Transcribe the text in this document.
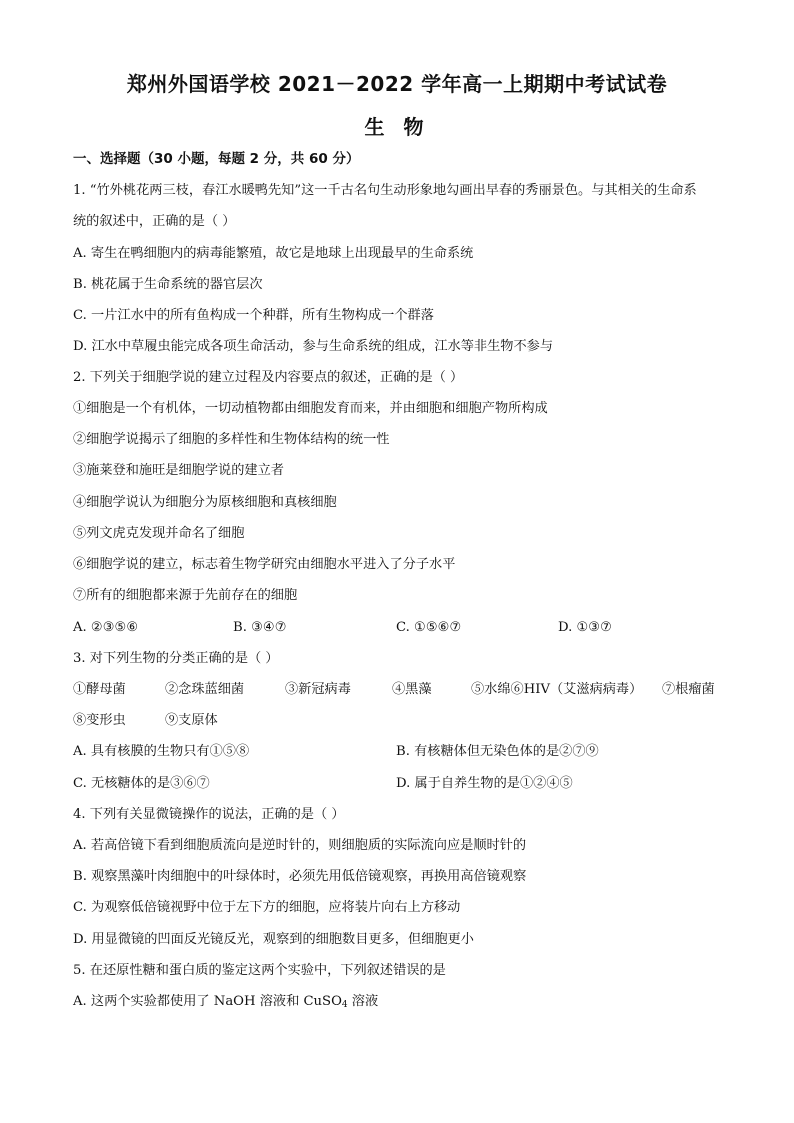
郑州外国语学校 2021－2022 学年高一上期期中考试试卷
生 物
一、选择题（30 小题，每题 2 分，共 60 分）
1. “竹外桃花两三枝，春江水暖鸭先知”这一千古名句生动形象地勾画出早春的秀丽景色。与其相关的生命系
统的叙述中，正确的是（ ）
A. 寄生在鸭细胞内的病毒能繁殖，故它是地球上出现最早的生命系统
B. 桃花属于生命系统的器官层次
C. 一片江水中的所有鱼构成一个种群，所有生物构成一个群落
D. 江水中草履虫能完成各项生命活动，参与生命系统的组成，江水等非生物不参与
2. 下列关于细胞学说的建立过程及内容要点的叙述，正确的是（ ）
①细胞是一个有机体，一切动植物都由细胞发育而来，并由细胞和细胞产物所构成
②细胞学说揭示了细胞的多样性和生物体结构的统一性
③施莱登和施旺是细胞学说的建立者
④细胞学说认为细胞分为原核细胞和真核细胞
⑤列文虎克发现并命名了细胞
⑥细胞学说的建立，标志着生物学研究由细胞水平进入了分子水平
⑦所有的细胞都来源于先前存在的细胞
A. ②③⑤⑥	B. ③④⑦	C. ①⑤⑥⑦	D. ①③⑦
3. 对下列生物的分类正确的是（ ）
①酵母菌	②念珠蓝细菌	③新冠病毒	④黑藻	⑤水绵⑥HIV（艾滋病病毒） ⑦根瘤菌
⑧变形虫	⑨支原体
A. 具有核膜的生物只有①⑤⑧	B. 有核糖体但无染色体的是②⑦⑨
C. 无核糖体的是③⑥⑦	D. 属于自养生物的是①②④⑤
4. 下列有关显微镜操作的说法，正确的是（ ）
A. 若高倍镜下看到细胞质流向是逆时针的，则细胞质的实际流向应是顺时针的
B. 观察黑藻叶肉细胞中的叶绿体时，必须先用低倍镜观察，再换用高倍镜观察
C. 为观察低倍镜视野中位于左下方的细胞，应将装片向右上方移动
D. 用显微镜的凹面反光镜反光，观察到的细胞数目更多，但细胞更小
5. 在还原性糖和蛋白质的鉴定这两个实验中，下列叙述错误的是
A. 这两个实验都使用了 NaOH 溶液和 CuSO$_4$ 溶液
